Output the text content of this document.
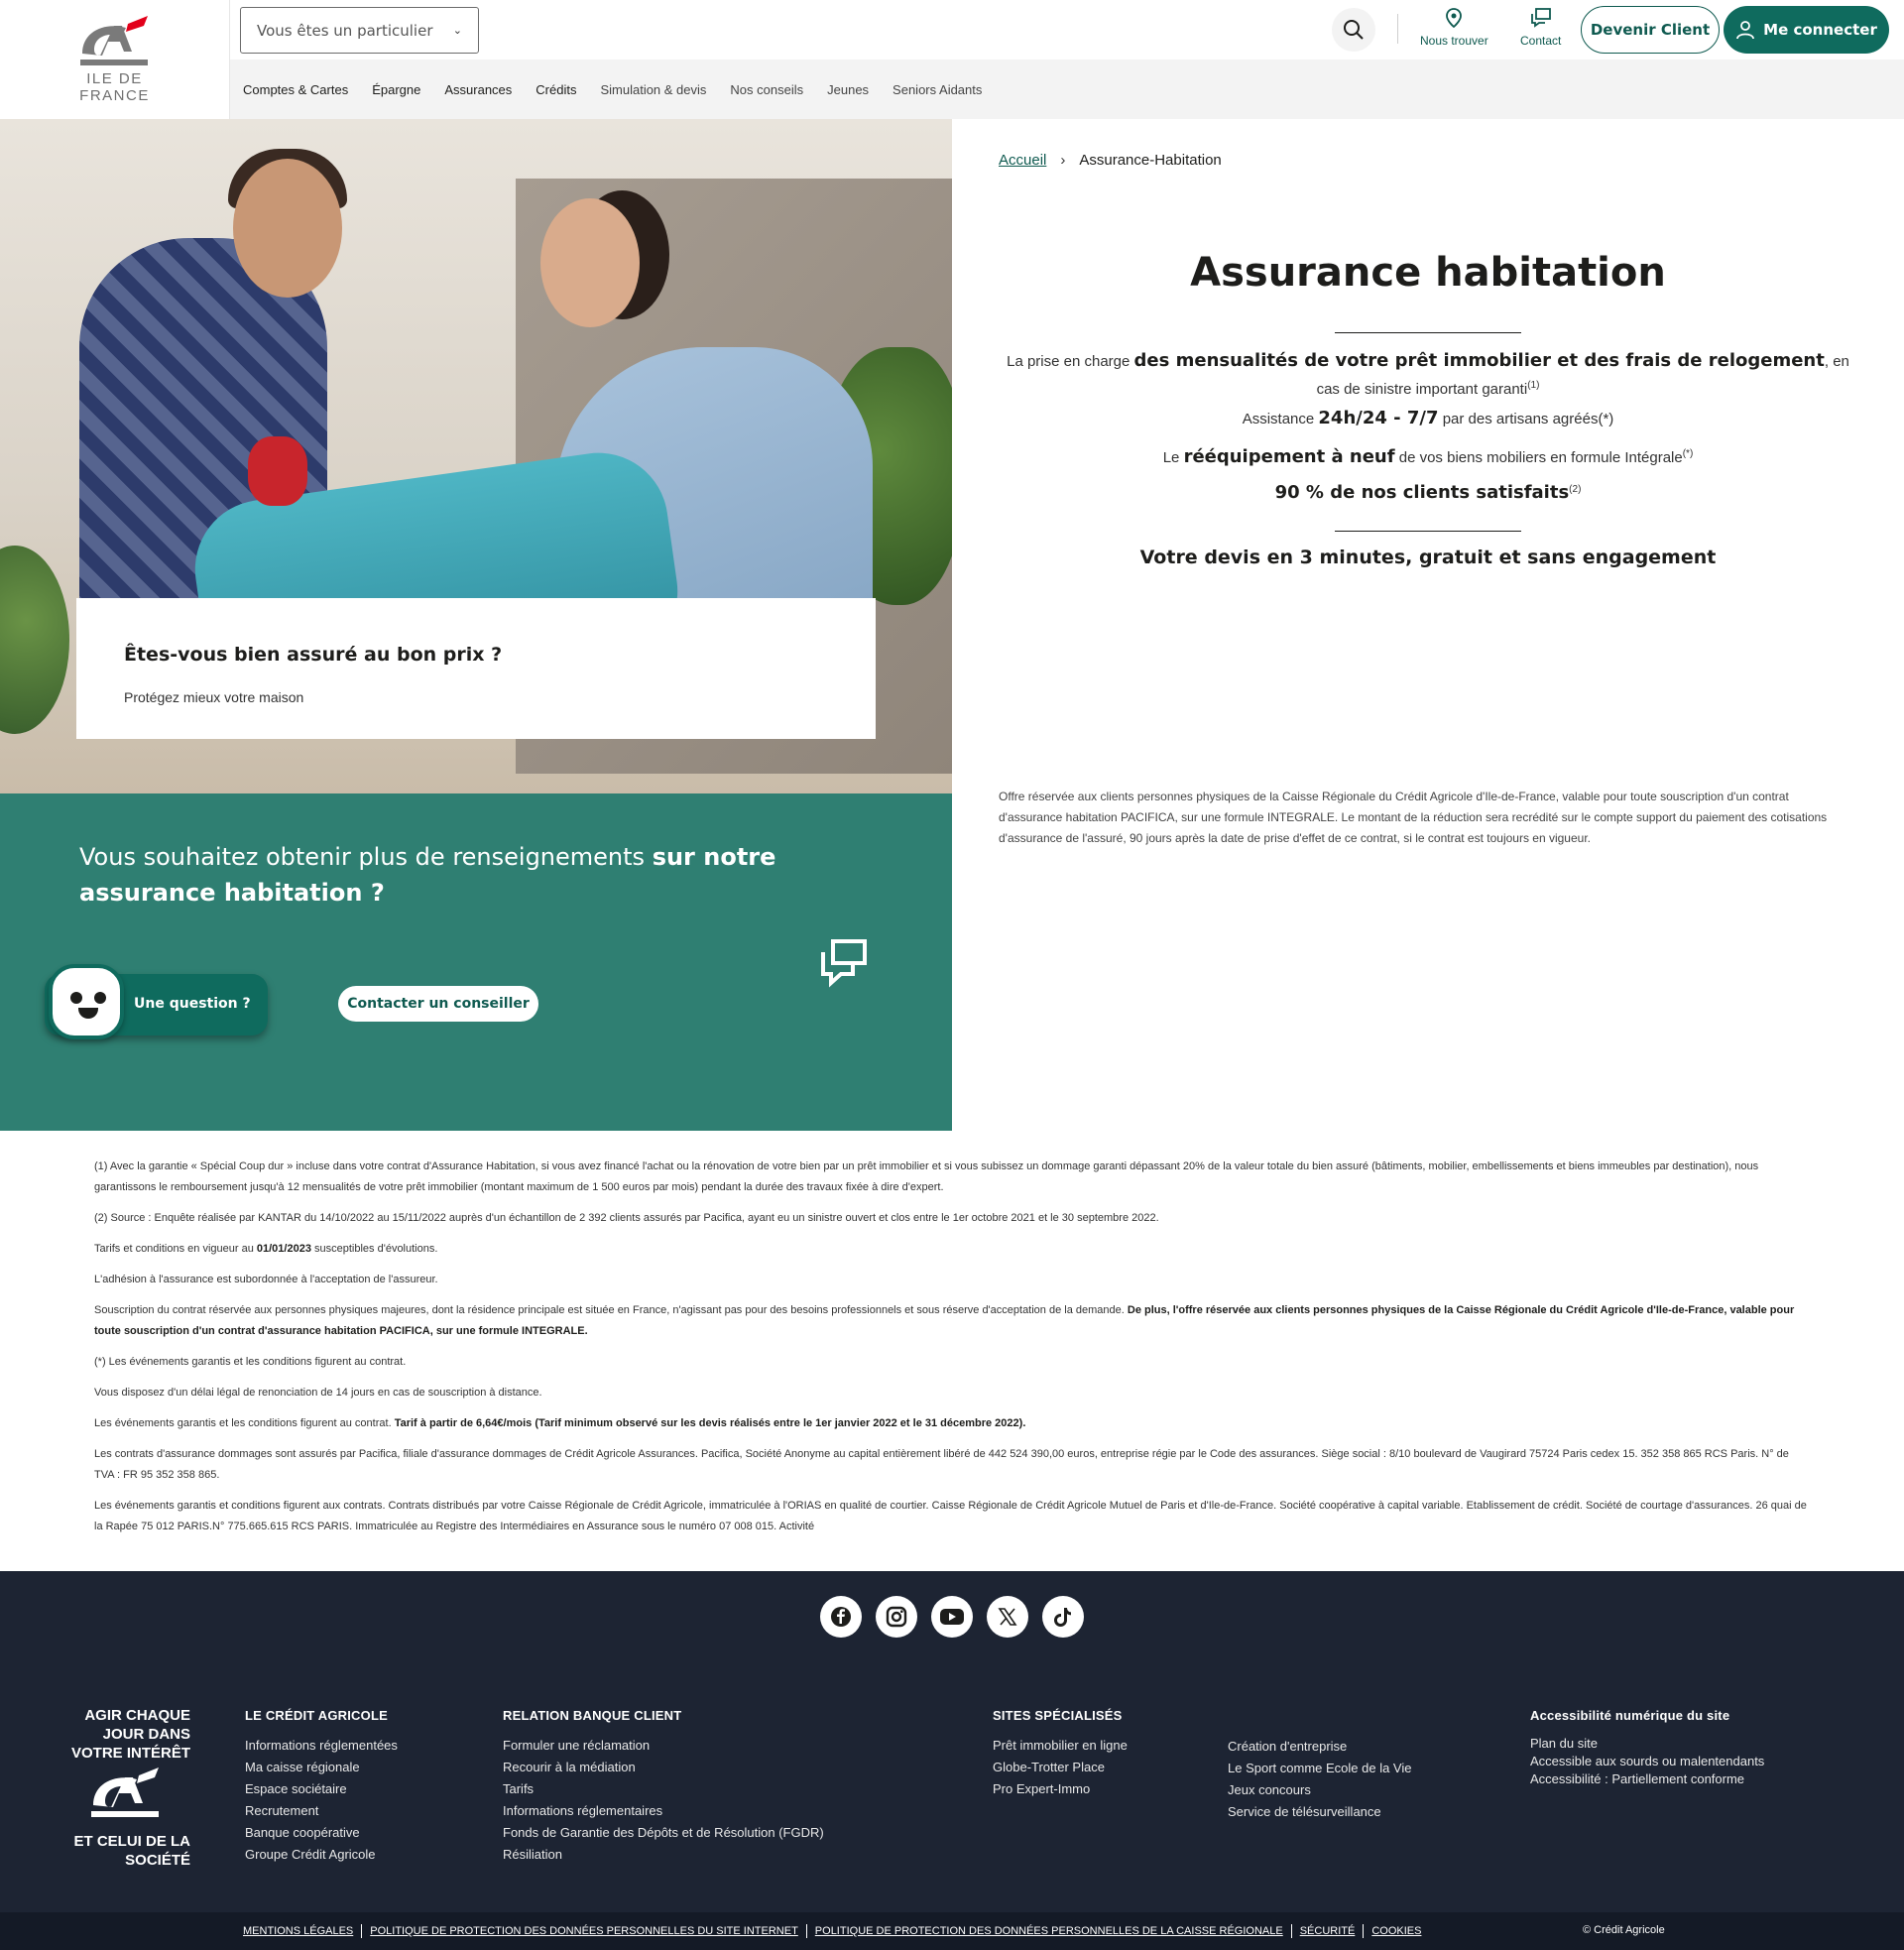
ILE DE
FRANCE
Vous êtes un particulier ⌄
Comptes & Cartes Épargne Assurances Crédits Simulation & devis Nos conseils Jeunes Seniors Aidants
Nous trouver	Contact
Devenir Client	Me connecter
Êtes-vous bien assuré au bon prix ?

Protégez mieux votre maison

Vous souhaitez obtenir plus de renseignements sur notre assurance habitation ?
Une question ?	Contacter un conseiller
Accueil › Assurance-Habitation
Assurance habitation
La prise en charge des mensualités de votre prêt immobilier et des frais de relogement, en cas de sinistre important garanti$^{(1)}$
Assistance 24h/24 - 7/7 par des artisans agréés(*)
Le rééquipement à neuf de vos biens mobiliers en formule Intégrale(*)
90 % de nos clients satisfaits$^{(2)}$
Votre devis en 3 minutes, gratuit et sans engagement
Offre réservée aux clients personnes physiques de la Caisse Régionale du Crédit Agricole d'Ile-de-France, valable pour toute souscription d'un contrat d'assurance habitation PACIFICA, sur une formule INTEGRALE. Le montant de la réduction sera recrédité sur le compte support du paiement des cotisations d'assurance de l'assuré, 90 jours après la date de prise d'effet de ce contrat, si le contrat est toujours en vigueur.

(1) Avec la garantie « Spécial Coup dur » incluse dans votre contrat d'Assurance Habitation, si vous avez financé l'achat ou la rénovation de votre bien par un prêt immobilier et si vous subissez un dommage garanti dépassant 20% de la valeur totale du bien assuré (bâtiments, mobilier, embellissements et biens immeubles par destination), nous garantissons le remboursement jusqu'à 12 mensualités de votre prêt immobilier (montant maximum de 1 500 euros par mois) pendant la durée des travaux fixée à dire d'expert.

(2) Source : Enquête réalisée par KANTAR du 14/10/2022 au 15/11/2022 auprès d'un échantillon de 2 392 clients assurés par Pacifica, ayant eu un sinistre ouvert et clos entre le 1er octobre 2021 et le 30 septembre 2022.

Tarifs et conditions en vigueur au 01/01/2023 susceptibles d'évolutions.

L'adhésion à l'assurance est subordonnée à l'acceptation de l'assureur.

Souscription du contrat réservée aux personnes physiques majeures, dont la résidence principale est située en France, n'agissant pas pour des besoins professionnels et sous réserve d'acceptation de la demande. De plus, l'offre réservée aux clients personnes physiques de la Caisse Régionale du Crédit Agricole d'Ile-de-France, valable pour toute souscription d'un contrat d'assurance habitation PACIFICA, sur une formule INTEGRALE.

(*) Les événements garantis et les conditions figurent au contrat.

Vous disposez d'un délai légal de renonciation de 14 jours en cas de souscription à distance.

Les événements garantis et les conditions figurent au contrat. Tarif à partir de 6,64€/mois (Tarif minimum observé sur les devis réalisés entre le 1er janvier 2022 et le 31 décembre 2022).

Les contrats d'assurance dommages sont assurés par Pacifica, filiale d'assurance dommages de Crédit Agricole Assurances. Pacifica, Société Anonyme au capital entièrement libéré de 442 524 390,00 euros, entreprise régie par le Code des assurances. Siège social : 8/10 boulevard de Vaugirard 75724 Paris cedex 15. 352 358 865 RCS Paris. N° de TVA : FR 95 352 358 865.

Les événements garantis et conditions figurent aux contrats. Contrats distribués par votre Caisse Régionale de Crédit Agricole, immatriculée à l'ORIAS en qualité de courtier. Caisse Régionale de Crédit Agricole Mutuel de Paris et d'Ile-de-France. Société coopérative à capital variable. Etablissement de crédit. Société de courtage d'assurances. 26 quai de la Rapée 75 012 PARIS.N° 775.665.615 RCS PARIS. Immatriculée au Registre des Intermédiaires en Assurance sous le numéro 07 008 015. Activité

AGIR CHAQUE JOUR DANS VOTRE INTÉRÊT
ET CELUI DE LA SOCIÉTÉ
LE CRÉDIT AGRICOLE
Informations réglementées
Ma caisse régionale
Espace sociétaire
Recrutement
Banque coopérative
Groupe Crédit Agricole
RELATION BANQUE CLIENT
Formuler une réclamation
Recourir à la médiation
Tarifs
Informations réglementaires
Fonds de Garantie des Dépôts et de Résolution (FGDR)
Résiliation
SITES SPÉCIALISÉS
Prêt immobilier en ligne
Globe-Trotter Place
Pro Expert-Immo
Création d'entreprise
Le Sport comme Ecole de la Vie
Jeux concours
Service de télésurveillance
Accessibilité numérique du site
Plan du site
Accessible aux sourds ou malentendants
Accessibilité : Partiellement conforme
MENTIONS LÉGALES POLITIQUE DE PROTECTION DES DONNÉES PERSONNELLES DU SITE INTERNET POLITIQUE DE PROTECTION DES DONNÉES PERSONNELLES DE LA CAISSE RÉGIONALE SÉCURITÉ COOKIES	© Crédit Agricole
